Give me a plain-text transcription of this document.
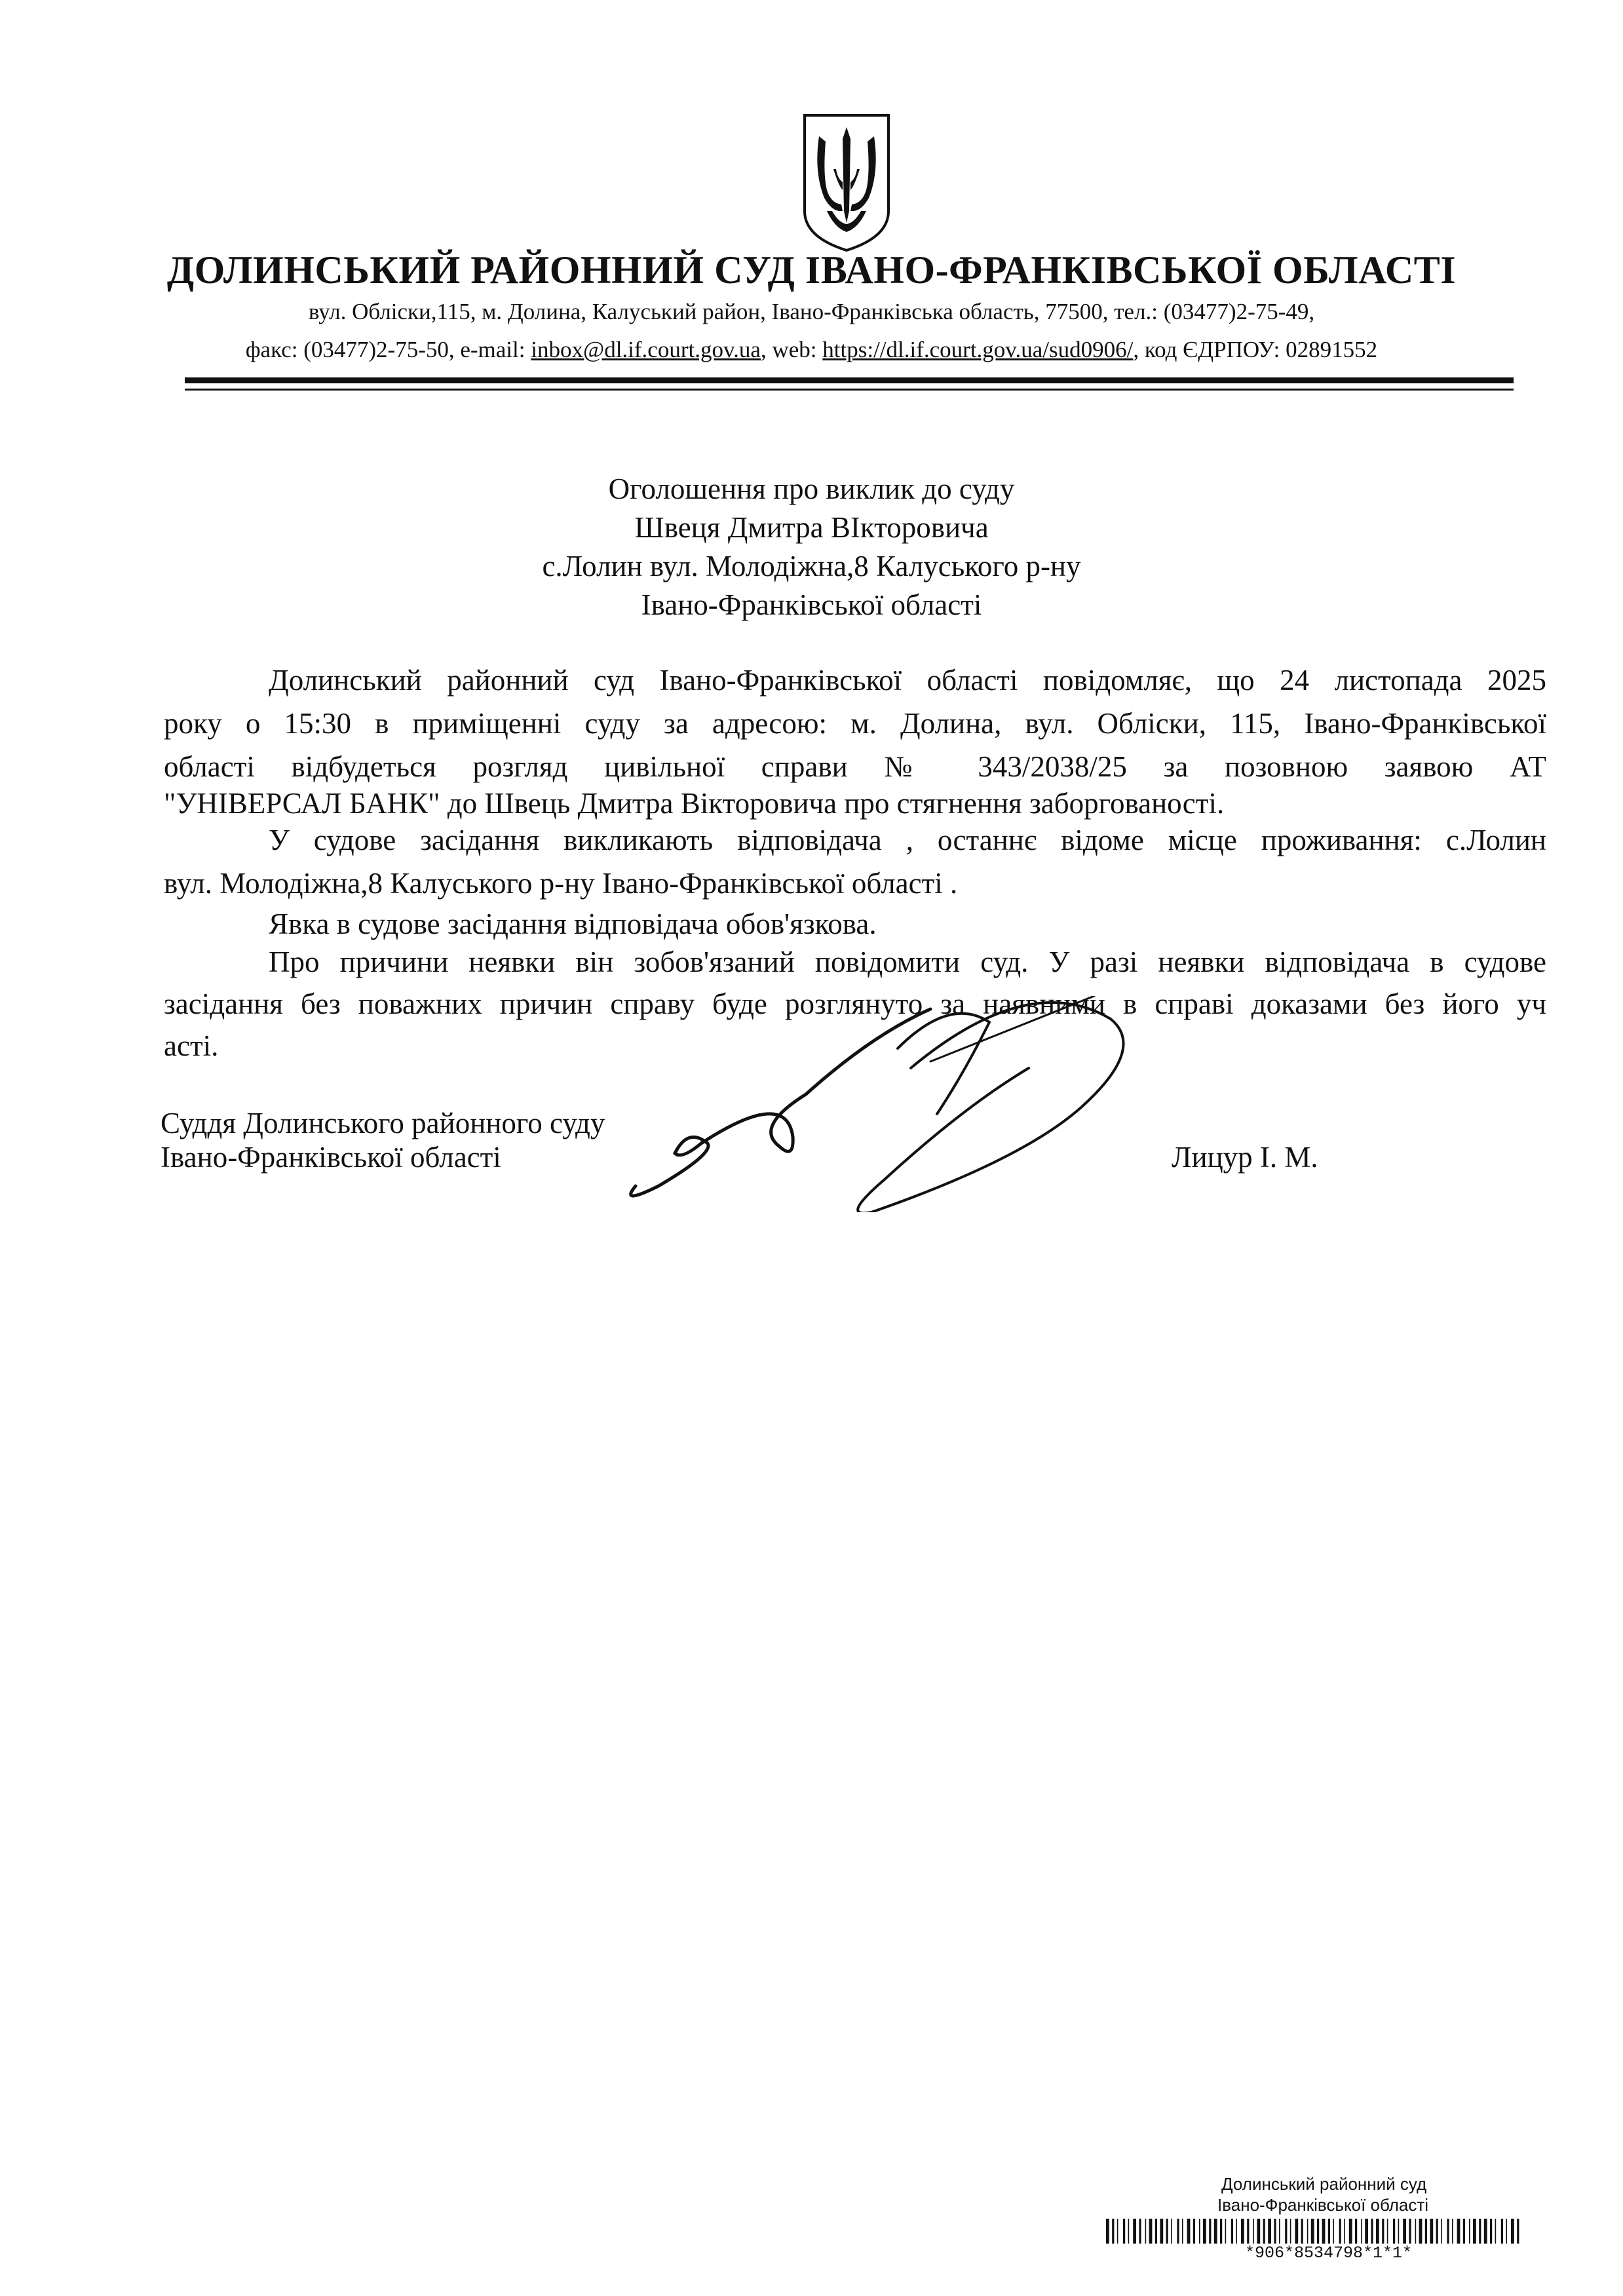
ДОЛИНСЬКИЙ РАЙОННИЙ СУД ІВАНО-ФРАНКІВСЬКОЇ ОБЛАСТІ
вул. Обліски,115, м. Долина, Калуський район, Івано-Франківська область, 77500, тел.: (03477)2-75-49,
факс: (03477)2-75-50, e-mail: inbox@dl.if.court.gov.ua, web: https://dl.if.court.gov.ua/sud0906/, код ЄДРПОУ: 02891552
Оголошення про виклик до суду
Швеця Дмитра ВІкторовича
с.Лолин вул. Молодіжна,8 Калуського р-ну
Івано-Франківської області
Долинський районний суд Івано-Франківської області повідомляє, що 24 листопада 2025
року о 15:30 в приміщенні суду за адресою: м. Долина, вул. Обліски, 115, Івано-Франківської
області відбудеться розгляд цивільної справи № 343/2038/25 за позовною заявою АТ
"УНІВЕРСАЛ БАНК" до Швець Дмитра Вікторовича про стягнення заборгованості.
У судове засідання викликають відповідача , останнє відоме місце проживання: с.Лолин
вул. Молодіжна,8 Калуського р-ну Івано-Франківської області .
Явка в судове засідання відповідача обов'язкова.
Про причини неявки він зобов'язаний повідомити суд. У разі неявки відповідача в судове
засідання без поважних причин справу буде розглянуто за наявними в справі доказами без його уч
асті.
Суддя Долинського районного суду
Івано-Франківської області	Лицур І. М.
Долинський районний суд
Івано-Франківської області
*906*8534798*1*1*
